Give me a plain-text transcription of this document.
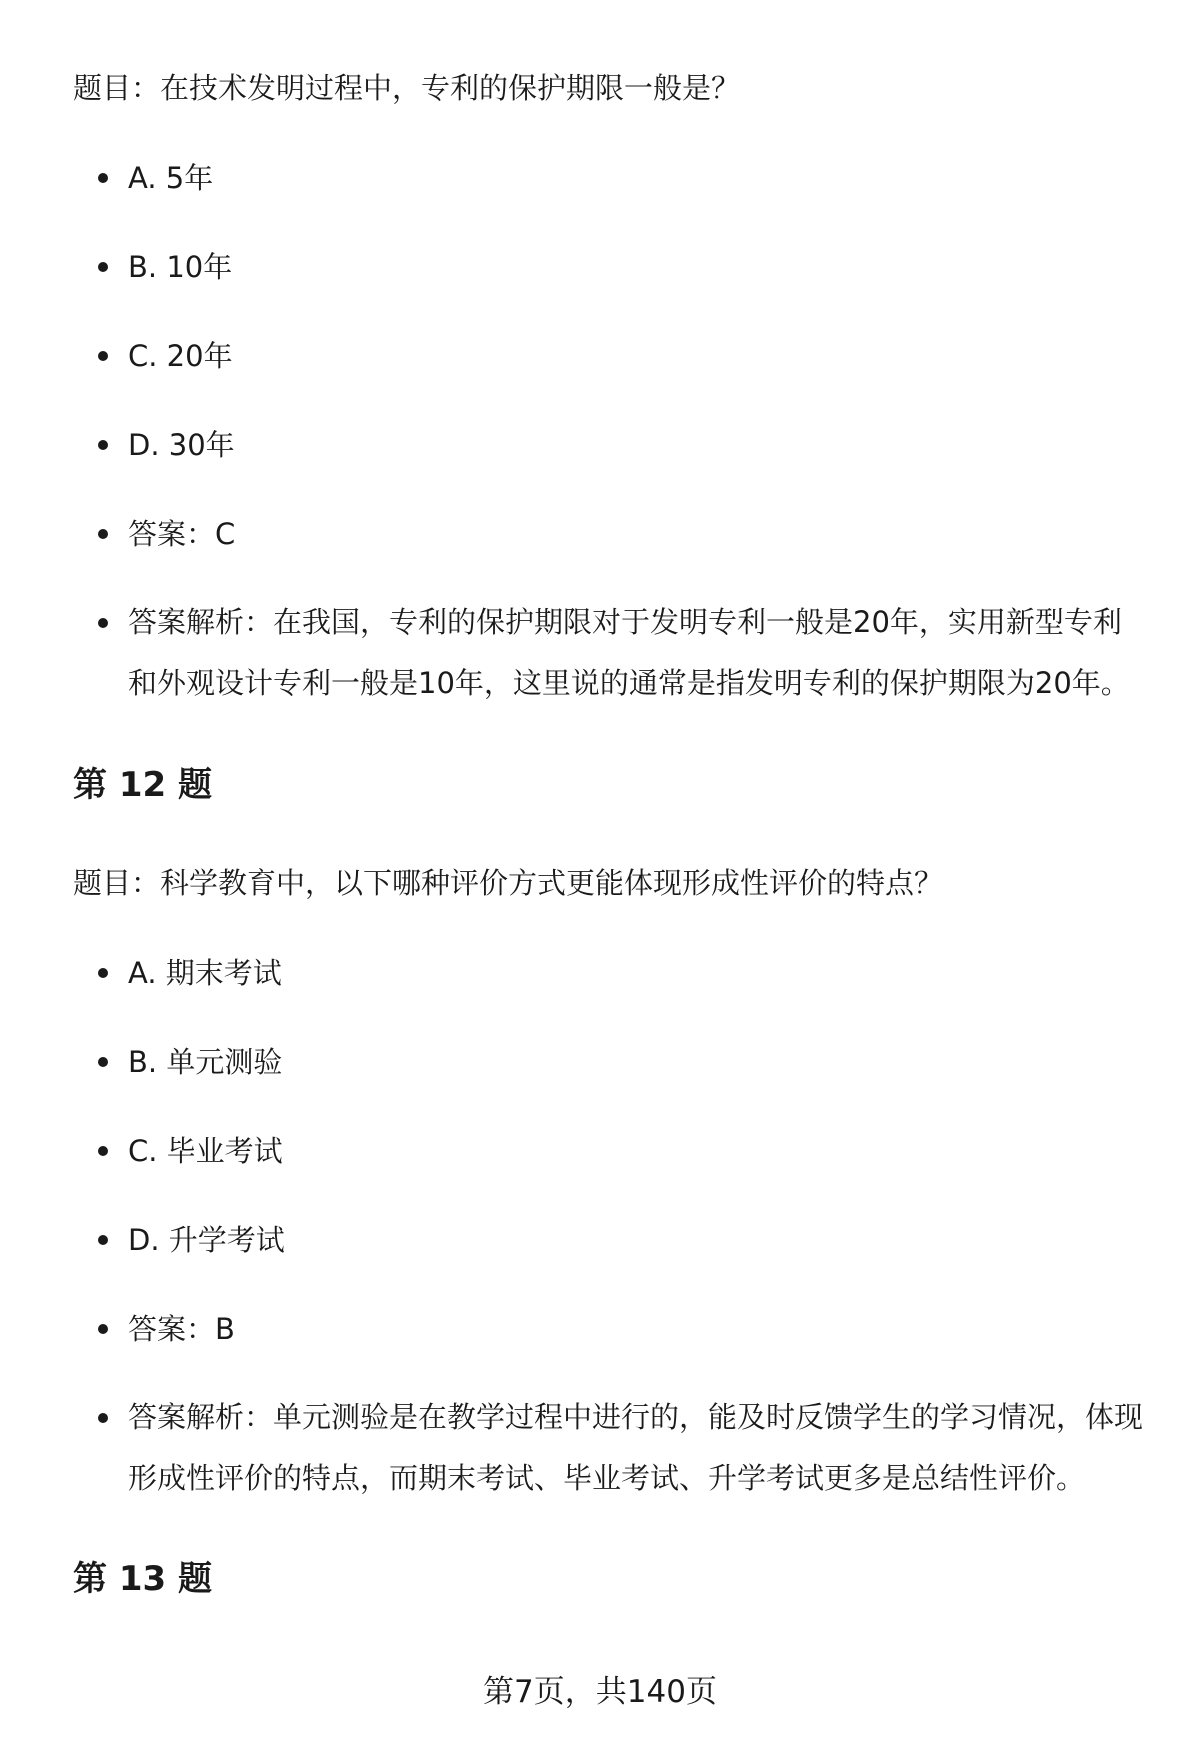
题目：在技术发明过程中，专利的保护期限一般是？
A. 5年
B. 10年
C. 20年
D. 30年
答案：C
答案解析：在我国，专利的保护期限对于发明专利一般是20年，实用新型专利和外观设计专利一般是10年，这里说的通常是指发明专利的保护期限为20年。
第 12 题
题目：科学教育中，以下哪种评价方式更能体现形成性评价的特点？
A. 期末考试
B. 单元测验
C. 毕业考试
D. 升学考试
答案：B
答案解析：单元测验是在教学过程中进行的，能及时反馈学生的学习情况，体现形成性评价的特点，而期末考试、毕业考试、升学考试更多是总结性评价。
第 13 题
第7页，共140页
